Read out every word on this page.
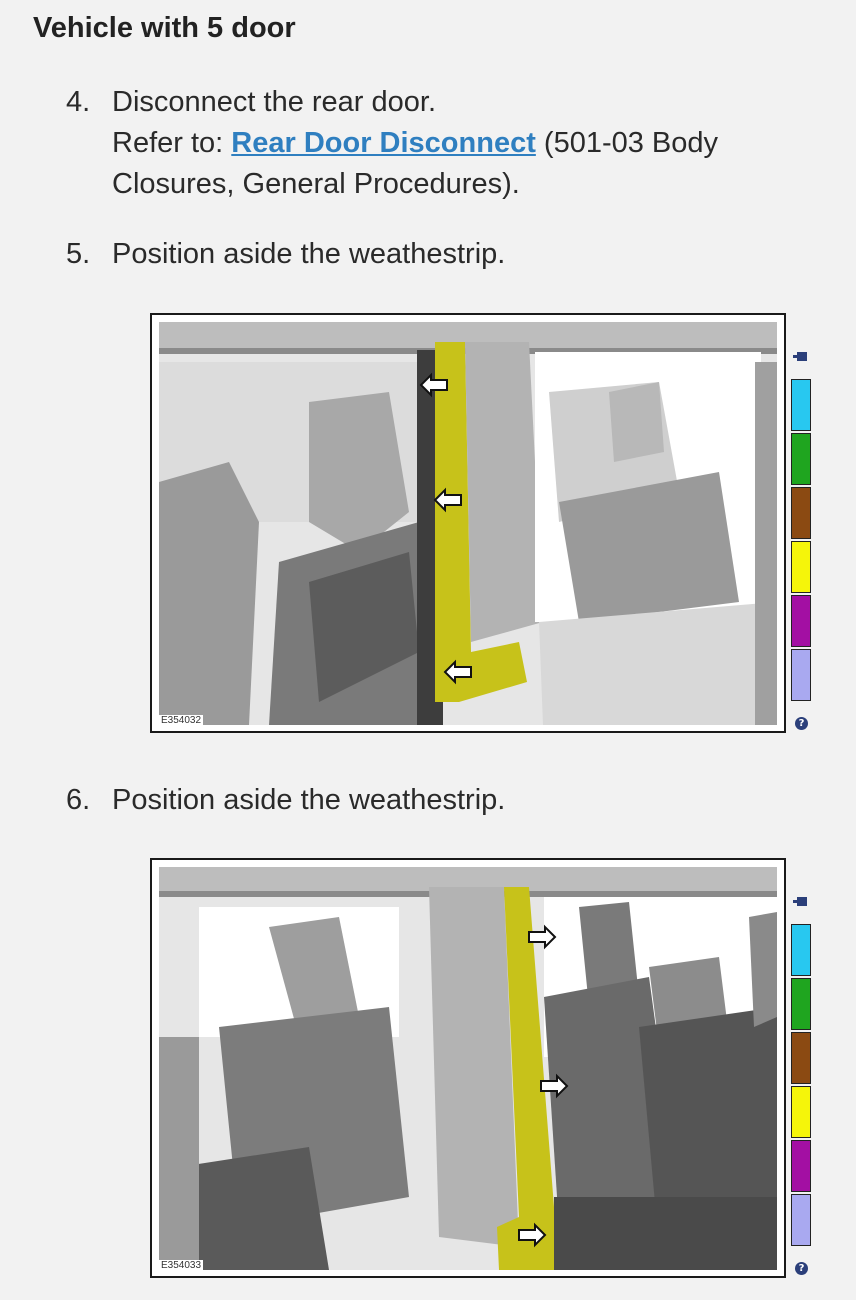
Vehicle with 5 door
4. Disconnect the rear door.
Refer to: Rear Door Disconnect (501-03 Body Closures, General Procedures).
5. Position aside the weathestrip.
E354032	?
6. Position aside the weathestrip.
E354033	?
